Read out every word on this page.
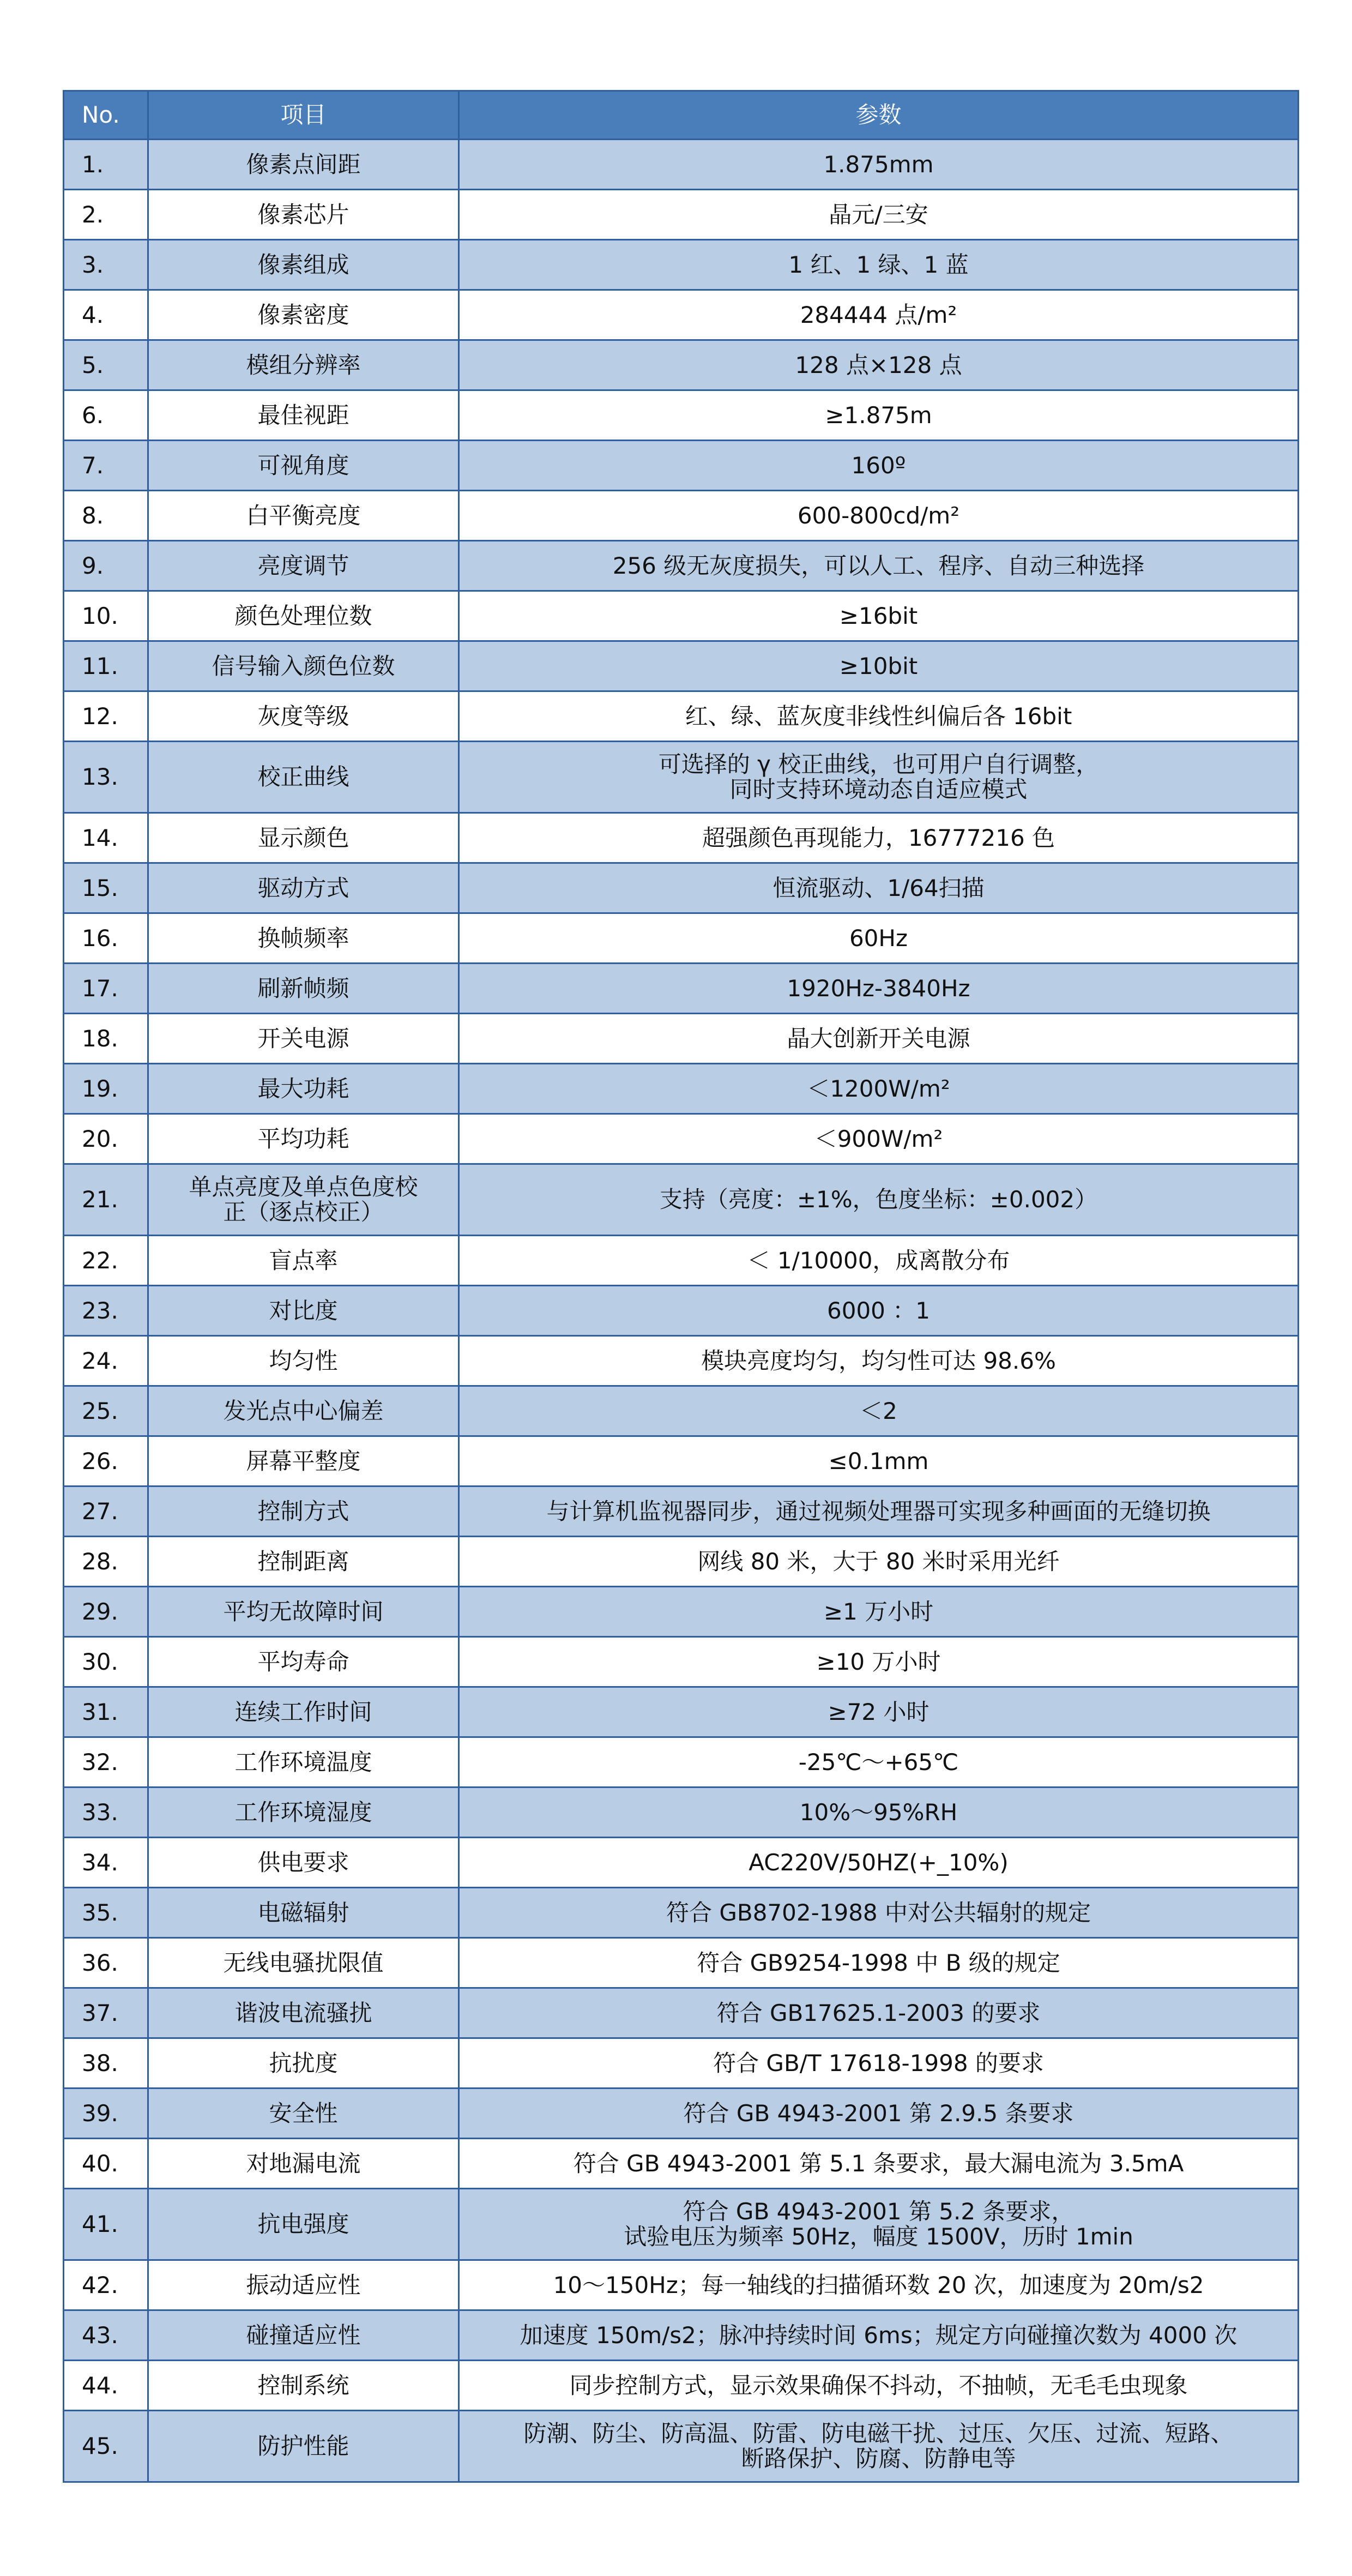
No.	项目	参数
1.	像素点间距	1.875mm

2.	像素芯片	晶元/三安

3.	像素组成	1 红、1 绿、1 蓝

4.	像素密度	284444 点/m²

5.	模组分辨率	128 点×128 点

6.	最佳视距	≥1.875m

7.	可视角度	160º

8.	白平衡亮度	600-800cd/m²

9.	亮度调节	256 级无灰度损失，可以人工、程序、自动三种选择

10.	颜色处理位数	≥16bit

11.	信号输入颜色位数	≥10bit

12.	灰度等级	红、绿、蓝灰度非线性纠偏后各 16bit

13.	校正曲线	可选择的 γ 校正曲线，也可用户自行调整，
同时支持环境动态自适应模式

14.	显示颜色	超强颜色再现能力，16777216 色

15.	驱动方式	恒流驱动、1/64扫描

16.	换帧频率	60Hz

17.	刷新帧频	1920Hz-3840Hz

18.	开关电源	晶大创新开关电源

19.	最大功耗	＜1200W/m²

20.	平均功耗	＜900W/m²

21.	单点亮度及单点色度校
正（逐点校正）	支持（亮度：±1%，色度坐标：±0.002）

22.	盲点率	＜ 1/10000，成离散分布

23.	对比度	6000 ：1

24.	均匀性	模块亮度均匀，均匀性可达 98.6%

25.	发光点中心偏差	＜2

26.	屏幕平整度	≤0.1mm

27.	控制方式	与计算机监视器同步，通过视频处理器可实现多种画面的无缝切换

28.	控制距离	网线 80 米，大于 80 米时采用光纤

29.	平均无故障时间	≥1 万小时

30.	平均寿命	≥10 万小时

31.	连续工作时间	≥72 小时

32.	工作环境温度	-25℃～+65℃

33.	工作环境湿度	10%～95%RH

34.	供电要求	AC220V/50HZ(+_10%)

35.	电磁辐射	符合 GB8702-1988 中对公共辐射的规定

36.	无线电骚扰限值	符合 GB9254-1998 中 B 级的规定

37.	谐波电流骚扰	符合 GB17625.1-2003 的要求

38.	抗扰度	符合 GB/T 17618-1998 的要求

39.	安全性	符合 GB 4943-2001 第 2.9.5 条要求

40.	对地漏电流	符合 GB 4943-2001 第 5.1 条要求，最大漏电流为 3.5mA

41.	抗电强度	符合 GB 4943-2001 第 5.2 条要求，
试验电压为频率 50Hz，幅度 1500V，历时 1min

42.	振动适应性	10～150Hz；每一轴线的扫描循环数 20 次，加速度为 20m/s2

43.	碰撞适应性	加速度 150m/s2；脉冲持续时间 6ms；规定方向碰撞次数为 4000 次

44.	控制系统	同步控制方式，显示效果确保不抖动，不抽帧，无毛毛虫现象

45.	防护性能	防潮、防尘、防高温、防雷、防电磁干扰、过压、欠压、过流、短路、
断路保护、防腐、防静电等
